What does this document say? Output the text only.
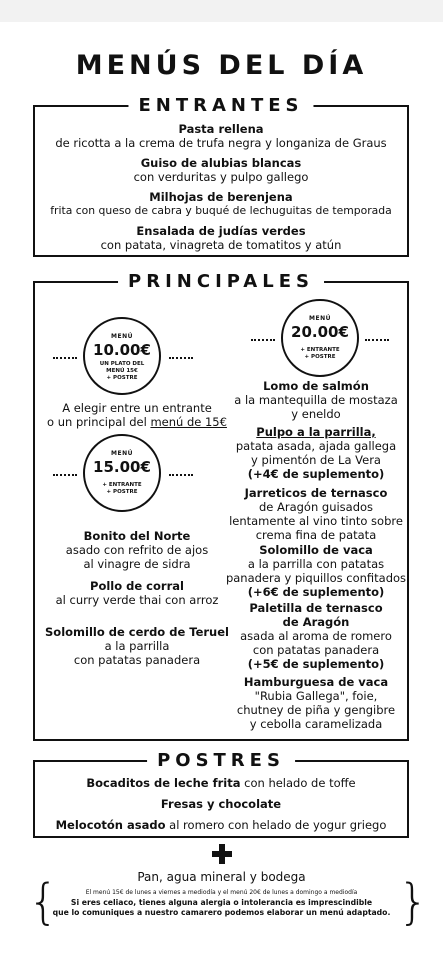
MENÚS DEL DÍA
ENTRANTES
Pasta rellena
de ricotta a la crema de trufa negra y longaniza de Graus
Guiso de alubias blancas
con verduritas y pulpo gallego
Milhojas de berenjena
frita con queso de cabra y buqué de lechuguitas de temporada
Ensalada de judías verdes
con patata, vinagreta de tomatitos y atún
PRINCIPALES
MENÚ
10.00€
UN PLATO DEL
MENÚ 15€
+ POSTRE
A elegir entre un entrante
o un principal del menú de 15€
MENÚ
15.00€
+ ENTRANTE
+ POSTRE
Bonito del Norte
asado con refrito de ajos
al vinagre de sidra
Pollo de corral
al curry verde thai con arroz
Solomillo de cerdo de Teruel
a la parrilla
con patatas panadera
MENÚ
20.00€
+ ENTRANTE
+ POSTRE
Lomo de salmón
a la mantequilla de mostaza
y eneldo
Pulpo a la parrilla,
patata asada, ajada gallega
y pimentón de La Vera
(+4€ de suplemento)
Jarreticos de ternasco
de Aragón guisados
lentamente al vino tinto sobre
crema fina de patata
Solomillo de vaca
a la parrilla con patatas
panadera y piquillos confitados
(+6€ de suplemento)
Paletilla de ternasco
de Aragón
asada al aroma de romero
con patatas panadera
(+5€ de suplemento)
Hamburguesa de vaca
"Rubia Gallega", foie,
chutney de piña y gengibre
y cebolla caramelizada
POSTRES
Bocaditos de leche frita con helado de toffe
Fresas y chocolate
Melocotón asado al romero con helado de yogur griego
Pan, agua mineral y bodega
{	}
El menú 15€ de lunes a viernes a mediodía y el menú 20€ de lunes a domingo a mediodía
Si eres celiaco, tienes alguna alergia o intolerancia es imprescindible
que lo comuniques a nuestro camarero podemos elaborar un menú adaptado.
